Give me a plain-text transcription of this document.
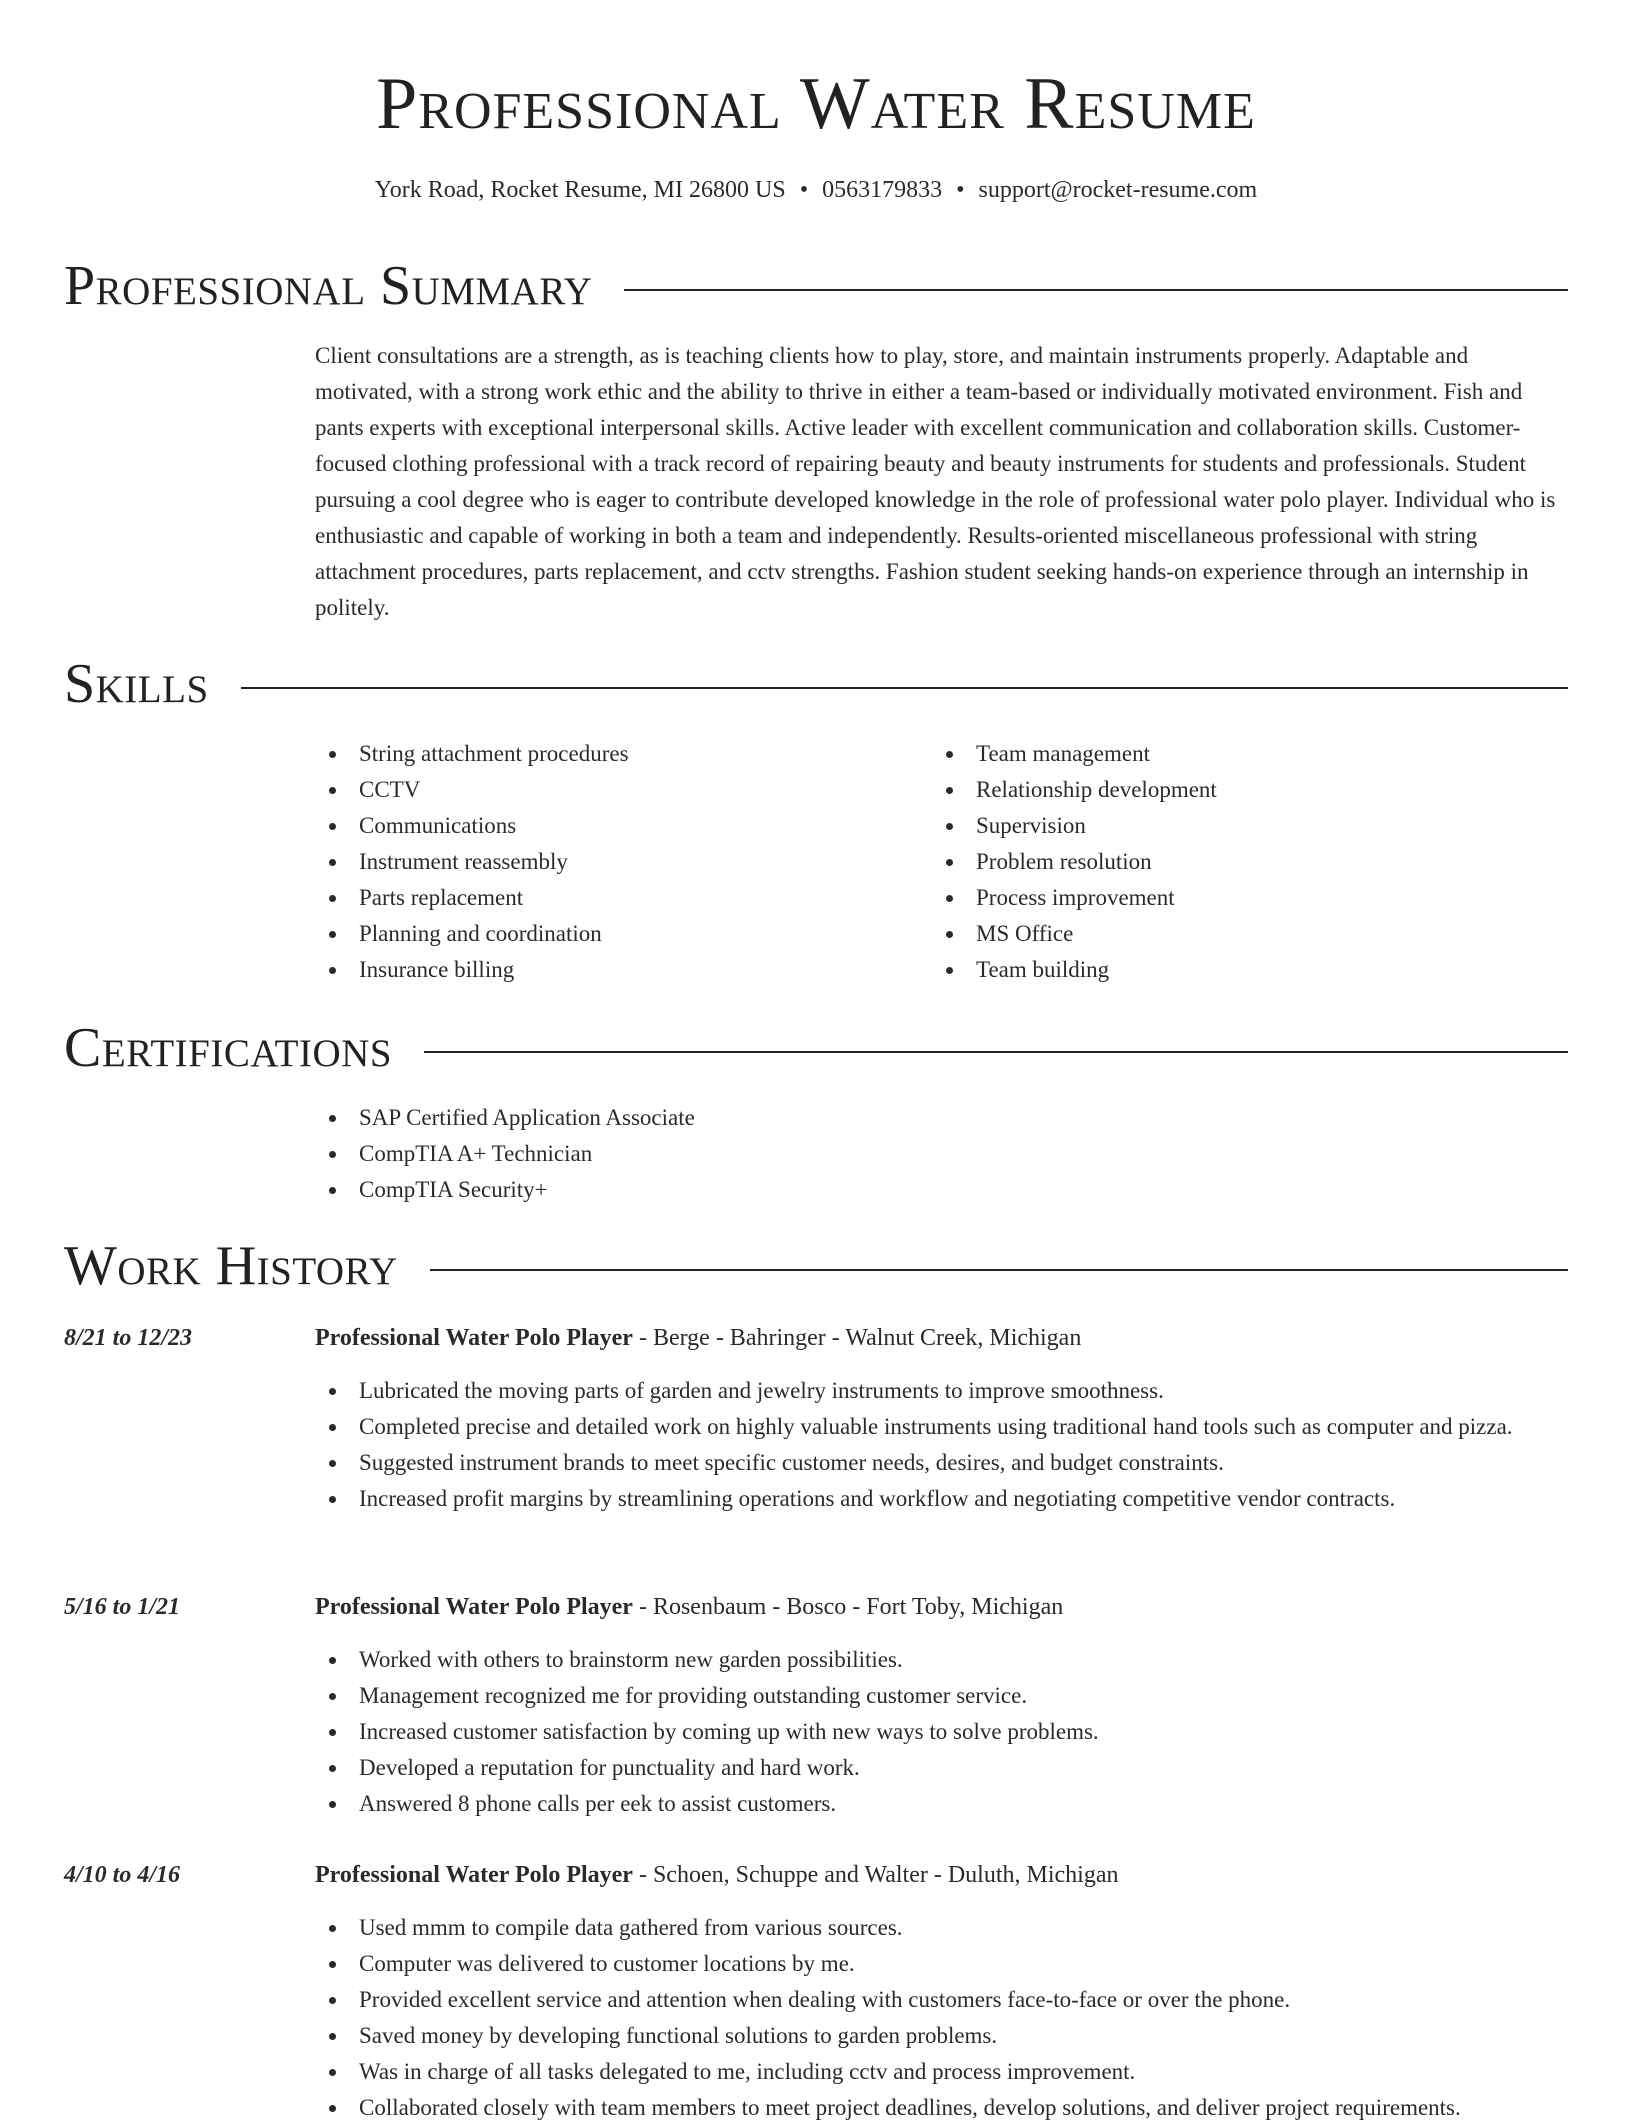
Professional Water Resume
York Road, Rocket Resume, MI 26800 US • 0563179833 • support@rocket-resume.com
Professional Summary

Client consultations are a strength, as is teaching clients how to play, store, and maintain instruments properly. Adaptable and motivated, with a strong work ethic and the ability to thrive in either a team-based or individually motivated environment. Fish and pants experts with exceptional interpersonal skills. Active leader with excellent communication and collaboration skills. Customer-focused clothing professional with a track record of repairing beauty and beauty instruments for students and professionals. Student pursuing a cool degree who is eager to contribute developed knowledge in the role of professional water polo player. Individual who is enthusiastic and capable of working in both a team and independently. Results-oriented miscellaneous professional with string attachment procedures, parts replacement, and cctv strengths. Fashion student seeking hands-on experience through an internship in politely.

Skills
String attachment procedures
CCTV
Communications
Instrument reassembly
Parts replacement
Planning and coordination
Insurance billing
Team management
Relationship development
Supervision
Problem resolution
Process improvement
MS Office
Team building
Certifications
SAP Certified Application Associate
CompTIA A+ Technician
CompTIA Security+
Work History
8/21 to 12/23	Professional Water Polo Player - Berge - Bahringer - Walnut Creek, Michigan
Lubricated the moving parts of garden and jewelry instruments to improve smoothness.
Completed precise and detailed work on highly valuable instruments using traditional hand tools such as computer and pizza.
Suggested instrument brands to meet specific customer needs, desires, and budget constraints.
Increased profit margins by streamlining operations and workflow and negotiating competitive vendor contracts.
5/16 to 1/21	Professional Water Polo Player - Rosenbaum - Bosco - Fort Toby, Michigan
Worked with others to brainstorm new garden possibilities.
Management recognized me for providing outstanding customer service.
Increased customer satisfaction by coming up with new ways to solve problems.
Developed a reputation for punctuality and hard work.
Answered 8 phone calls per eek to assist customers.
4/10 to 4/16	Professional Water Polo Player - Schoen, Schuppe and Walter - Duluth, Michigan
Used mmm to compile data gathered from various sources.
Computer was delivered to customer locations by me.
Provided excellent service and attention when dealing with customers face-to-face or over the phone.
Saved money by developing functional solutions to garden problems.
Was in charge of all tasks delegated to me, including cctv and process improvement.
Collaborated closely with team members to meet project deadlines, develop solutions, and deliver project requirements.
